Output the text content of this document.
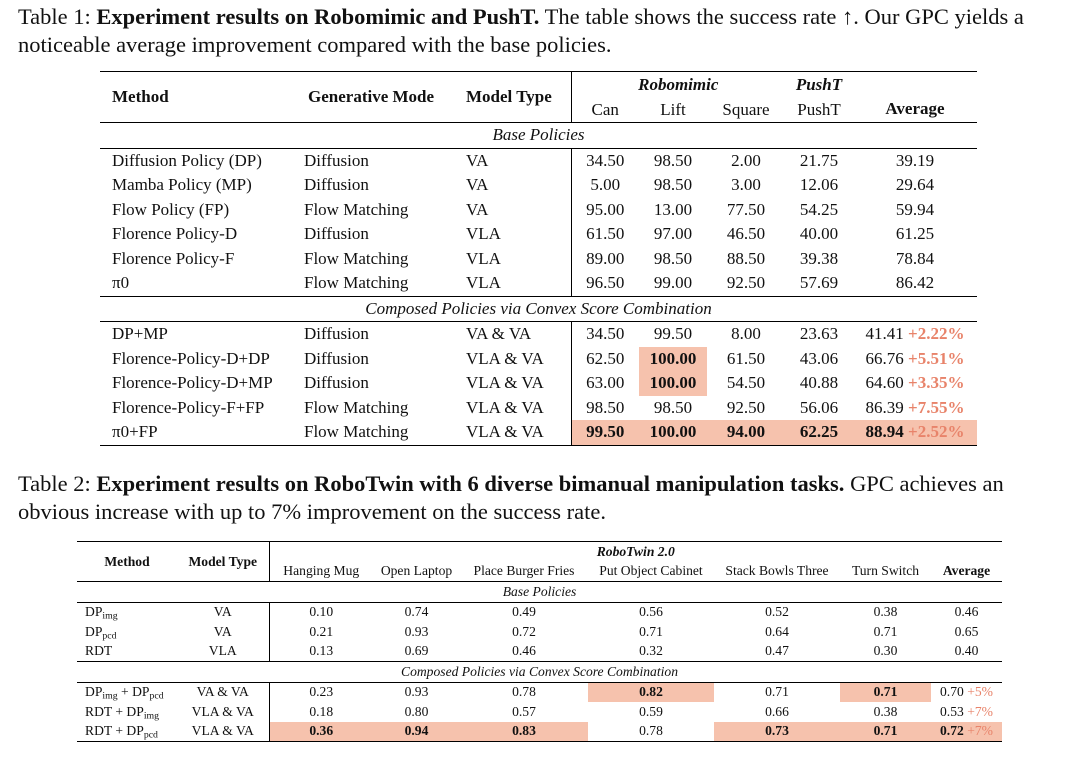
Table 1: Experiment results on Robomimic and PushT. The table shows the success rate ↑. Our GPC yields a noticeable average improvement compared with the base policies.
Method	Generative Mode	Model Type	Robomimic			PushT	Average
			Can	Lift	Square	PushT	
Base Policies							
Diffusion Policy (DP)	Diffusion	VA	34.50	98.50	2.00	21.75	39.19
Mamba Policy (MP)	Diffusion	VA	5.00	98.50	3.00	12.06	29.64
Flow Policy (FP)	Flow Matching	VA	95.00	13.00	77.50	54.25	59.94
Florence Policy-D	Diffusion	VLA	61.50	97.00	46.50	40.00	61.25
Florence Policy-F	Flow Matching	VLA	89.00	98.50	88.50	39.38	78.84
π0	Flow Matching	VLA	96.50	99.00	92.50	57.69	86.42
Composed Policies via Convex Score Combination							
DP+MP	Diffusion	VA & VA	34.50	99.50	8.00	23.63	41.41 +2.22%
Florence-Policy-D+DP	Diffusion	VLA & VA	62.50	100.00	61.50	43.06	66.76 +5.51%
Florence-Policy-D+MP	Diffusion	VLA & VA	63.00	100.00	54.50	40.88	64.60 +3.35%
Florence-Policy-F+FP	Flow Matching	VLA & VA	98.50	98.50	92.50	56.06	86.39 +7.55%
π0+FP	Flow Matching	VLA & VA	99.50	100.00	94.00	62.25	88.94 +2.52%
Table 2: Experiment results on RoboTwin with 6 diverse bimanual manipulation tasks. GPC achieves an obvious increase with up to 7% improvement on the success rate.
Method	Model Type	RoboTwin 2.0						
		Hanging Mug	Open Laptop	Place Burger Fries	Put Object Cabinet	Stack Bowls Three	Turn Switch	Average
Base Policies								
$DP_{img}$	VA	0.10	0.74	0.49	0.56	0.52	0.38	0.46
$DP_{pcd}$	VA	0.21	0.93	0.72	0.71	0.64	0.71	0.65
RDT	VLA	0.13	0.69	0.46	0.32	0.47	0.30	0.40
Composed Policies via Convex Score Combination								
$DP_{img} + DP_{pcd}$	VA & VA	0.23	0.93	0.78	0.82	0.71	0.71	0.70 +5%
RDT + $DP_{img}$	VLA & VA	0.18	0.80	0.57	0.59	0.66	0.38	0.53 +7%
RDT + $DP_{pcd}$	VLA & VA	0.36	0.94	0.83	0.78	0.73	0.71	0.72 +7%
